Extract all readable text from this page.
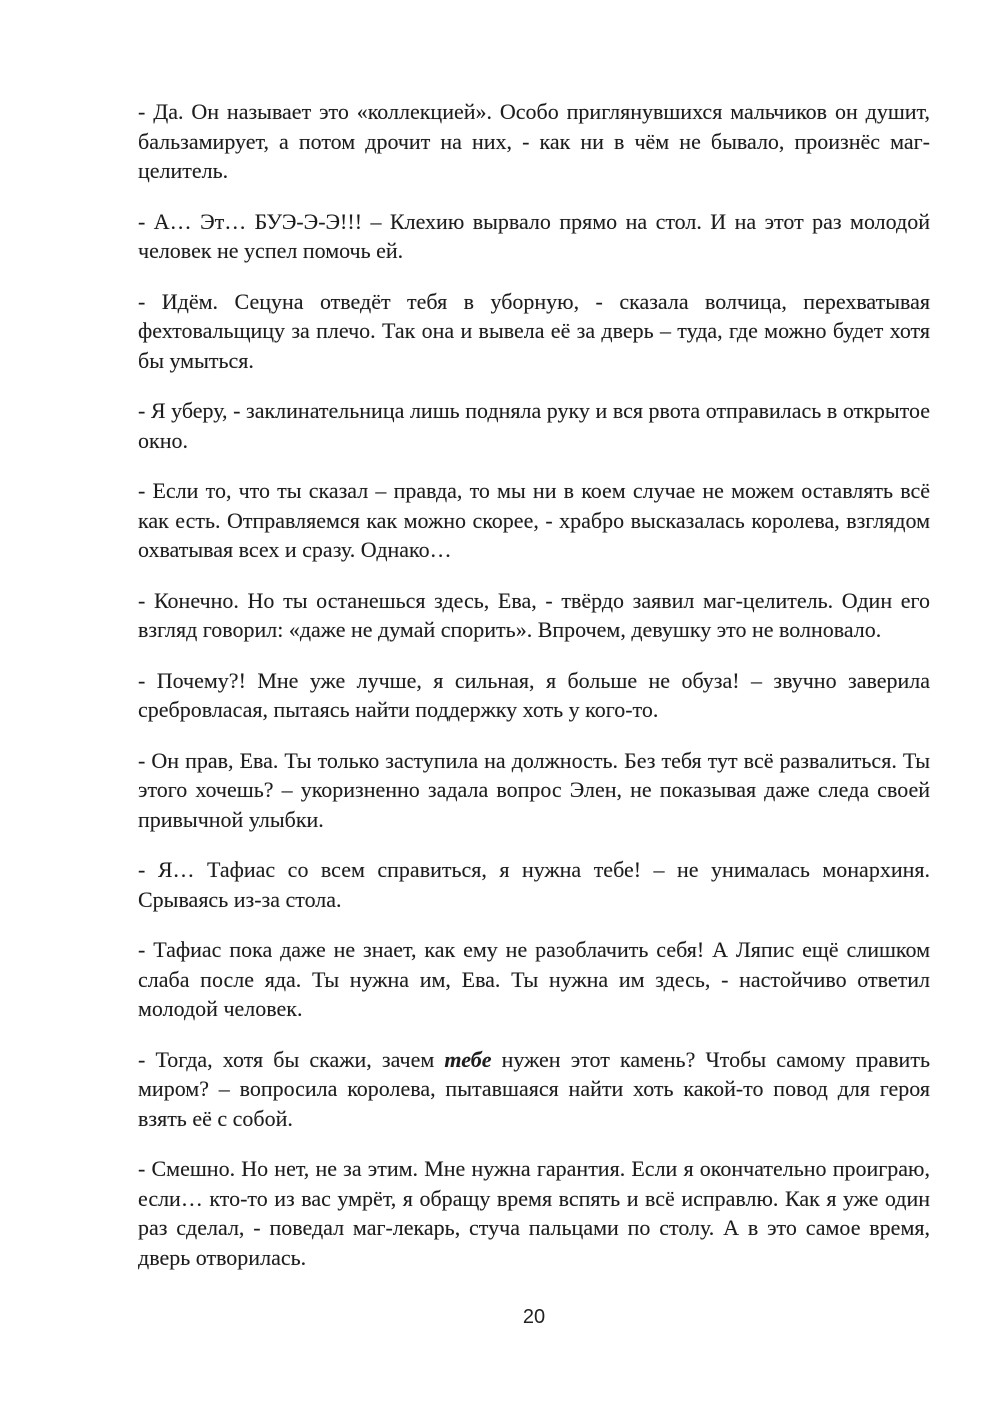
- Да. Он называет это «коллекцией». Особо приглянувшихся мальчиков он душит, бальзамирует, а потом дрочит на них, - как ни в чём не бывало, произнёс маг-целитель.

- А… Эт… БУЭ-Э-Э!!! – Клехию вырвало прямо на стол. И на этот раз молодой человек не успел помочь ей.

- Идём. Сецуна отведёт тебя в уборную, - сказала волчица, перехватывая фехтовальщицу за плечо. Так она и вывела её за дверь – туда, где можно будет хотя бы умыться.

- Я уберу, - заклинательница лишь подняла руку и вся рвота отправилась в открытое окно.

- Если то, что ты сказал – правда, то мы ни в коем случае не можем оставлять всё как есть. Отправляемся как можно скорее, - храбро высказалась королева, взглядом охватывая всех и сразу. Однако…

- Конечно. Но ты останешься здесь, Ева, - твёрдо заявил маг-целитель. Один его взгляд говорил: «даже не думай спорить». Впрочем, девушку это не волновало.

- Почему?! Мне уже лучше, я сильная, я больше не обуза! – звучно заверила сребровласая, пытаясь найти поддержку хоть у кого-то.

- Он прав, Ева. Ты только заступила на должность. Без тебя тут всё развалиться. Ты этого хочешь? – укоризненно задала вопрос Элен, не показывая даже следа своей привычной улыбки.

- Я… Тафиас со всем справиться, я нужна тебе! – не унималась монархиня. Срываясь из-за стола.

- Тафиас пока даже не знает, как ему не разоблачить себя! А Ляпис ещё слишком слаба после яда. Ты нужна им, Ева. Ты нужна им здесь, - настойчиво ответил молодой человек.

- Тогда, хотя бы скажи, зачем тебе нужен этот камень? Чтобы самому править миром? – вопросила королева, пытавшаяся найти хоть какой-то повод для героя взять её с собой.

- Смешно. Но нет, не за этим. Мне нужна гарантия. Если я окончательно проиграю, если… кто-то из вас умрёт, я обращу время вспять и всё исправлю. Как я уже один раз сделал, - поведал маг-лекарь, стуча пальцами по столу. А в это самое время, дверь отворилась.

20
